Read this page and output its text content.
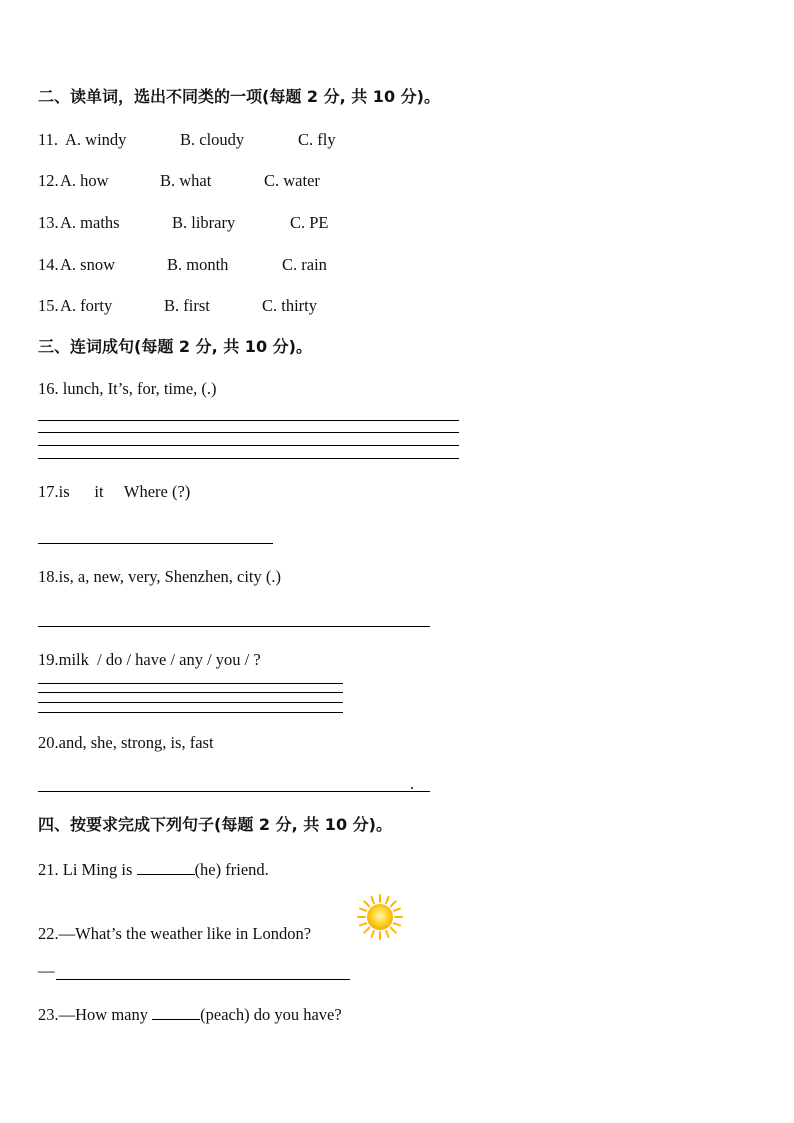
二、读单词，选出不同类的一项(每题 2 分, 共 10 分)。
11. A. windy	B. cloudy	C. fly
12. A. how	B. what	C. water
13. A. maths	B. library	C. PE
14. A. snow	B. month	C. rain
15. A. forty	B. first	C. thirty
三、连词成句(每题 2 分, 共 10 分)。
16. lunch, It’s, for, time, (.)
17.is      it     Where (?)
18.is, a, new, very, Shenzhen, city (.)
19.milk  / do / have / any / you / ?
20.and, she, strong, is, fast
.
四、按要求完成下列句子(每题 2 分, 共 10 分)。
21. Li Ming is	(he) friend.
22.—What’s the weather like in London?
—
23.—How many	(peach) do you have?
